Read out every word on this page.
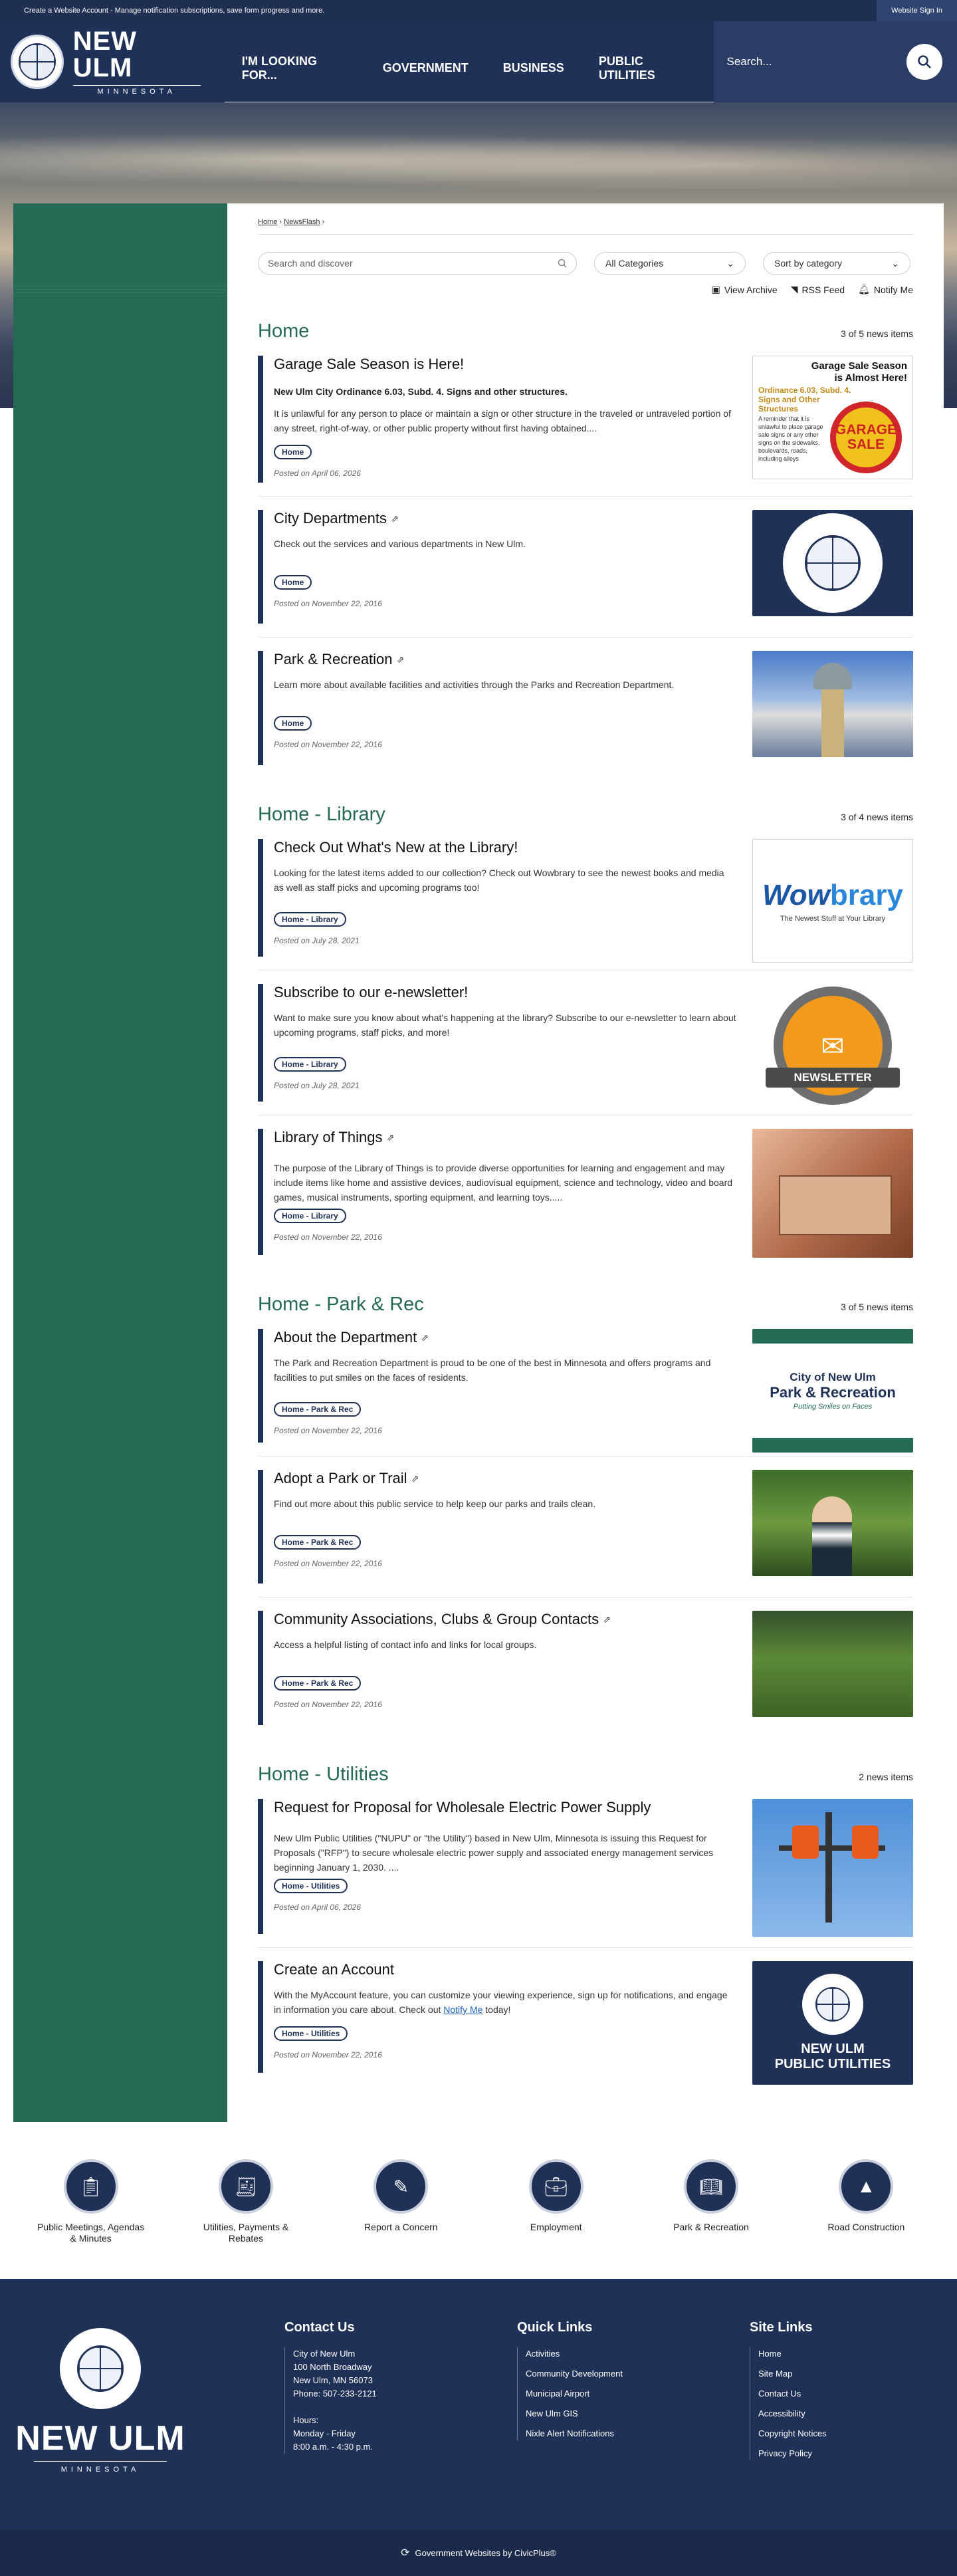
Create a Website Account - Manage notification subscriptions, save form progress and more.	Website Sign In
NEW ULM
MINNESOTA
I'M LOOKING FOR...
GOVERNMENT	BUSINESS
PUBLIC UTILITIES
Search...
Home › NewsFlash ›
Search and discover	All Categories	⌄	Sort by category	⌄
▣ View Archive ◥ RSS Feed 🔔︎ Notify Me
Home	3 of 5 news items
Garage Sale Season is Here!
New Ulm City Ordinance 6.03, Subd. 4. Signs and other structures.
It is unlawful for any person to place or maintain a sign or other structure in the traveled or untraveled portion of any street, right-of-way, or other public property without first having obtained....
Home
Posted on April 06, 2026
Garage Sale Season is Almost Here!
Ordinance 6.03, Subd. 4. Signs and Other Structures
A reminder that it is unlawful to place garage sale signs or any other signs on the sidewalks, boulevards, roads, including alleys
GARAGE SALE
City Departments ⇗
Check out the services and various departments in New Ulm.
Home
Posted on November 22, 2016
Park & Recreation ⇗
Learn more about available facilities and activities through the Parks and Recreation Department.
Home
Posted on November 22, 2016
Home - Library	3 of 4 news items
Check Out What's New at the Library!
Looking for the latest items added to our collection? Check out Wowbrary to see the newest books and media as well as staff picks and upcoming programs too!
Home - Library
Posted on July 28, 2021
Wowbrary
The Newest Stuff at Your Library
Subscribe to our e-newsletter!
Want to make sure you know about what's happening at the library? Subscribe to our e-newsletter to learn about upcoming programs, staff picks, and more!
Home - Library
Posted on July 28, 2021
✉
NEWSLETTER
Library of Things ⇗
The purpose of the Library of Things is to provide diverse opportunities for learning and engagement and may include items like home and assistive devices, audiovisual equipment, science and technology, video and board games, musical instruments, sporting equipment, and learning toys.....
Home - Library
Posted on November 22, 2016
Home - Park & Rec	3 of 5 news items
About the Department ⇗
The Park and Recreation Department is proud to be one of the best in Minnesota and offers programs and facilities to put smiles on the faces of residents.
Home - Park & Rec
Posted on November 22, 2016
City of New Ulm
Park & Recreation
Putting Smiles on Faces
Adopt a Park or Trail ⇗
Find out more about this public service to help keep our parks and trails clean.
Home - Park & Rec
Posted on November 22, 2016
Community Associations, Clubs & Group Contacts ⇗
Access a helpful listing of contact info and links for local groups.
Home - Park & Rec
Posted on November 22, 2016
Home - Utilities	2 news items
Request for Proposal for Wholesale Electric Power Supply
New Ulm Public Utilities ("NUPU" or "the Utility") based in New Ulm, Minnesota is issuing this Request for Proposals ("RFP") to secure wholesale electric power supply and associated energy management services beginning January 1, 2030. ....
Home - Utilities
Posted on April 06, 2026
Create an Account
With the MyAccount feature, you can customize your viewing experience, sign up for notifications, and engage in information you care about. Check out Notify Me today!
Home - Utilities
Posted on November 22, 2016	NEW ULM
PUBLIC UTILITIES
📋︎
Public Meetings, Agendas & Minutes
🧾︎
Utilities, Payments & Rebates
✎
Report a Concern
💼︎
Employment
📖︎
Park & Recreation
▲
Road Construction
NEW ULM
MINNESOTA
Contact Us
City of New Ulm
100 North Broadway
New Ulm, MN 56073
Phone: 507-233-2121
Hours:
Monday - Friday
8:00 a.m. - 4:30 p.m.
Quick Links
Activities
Community Development
Municipal Airport
New Ulm GIS
Nixle Alert Notifications
Site Links
Home
Site Map
Contact Us
Accessibility
Copyright Notices
Privacy Policy
⟳ Government Websites by CivicPlus®
